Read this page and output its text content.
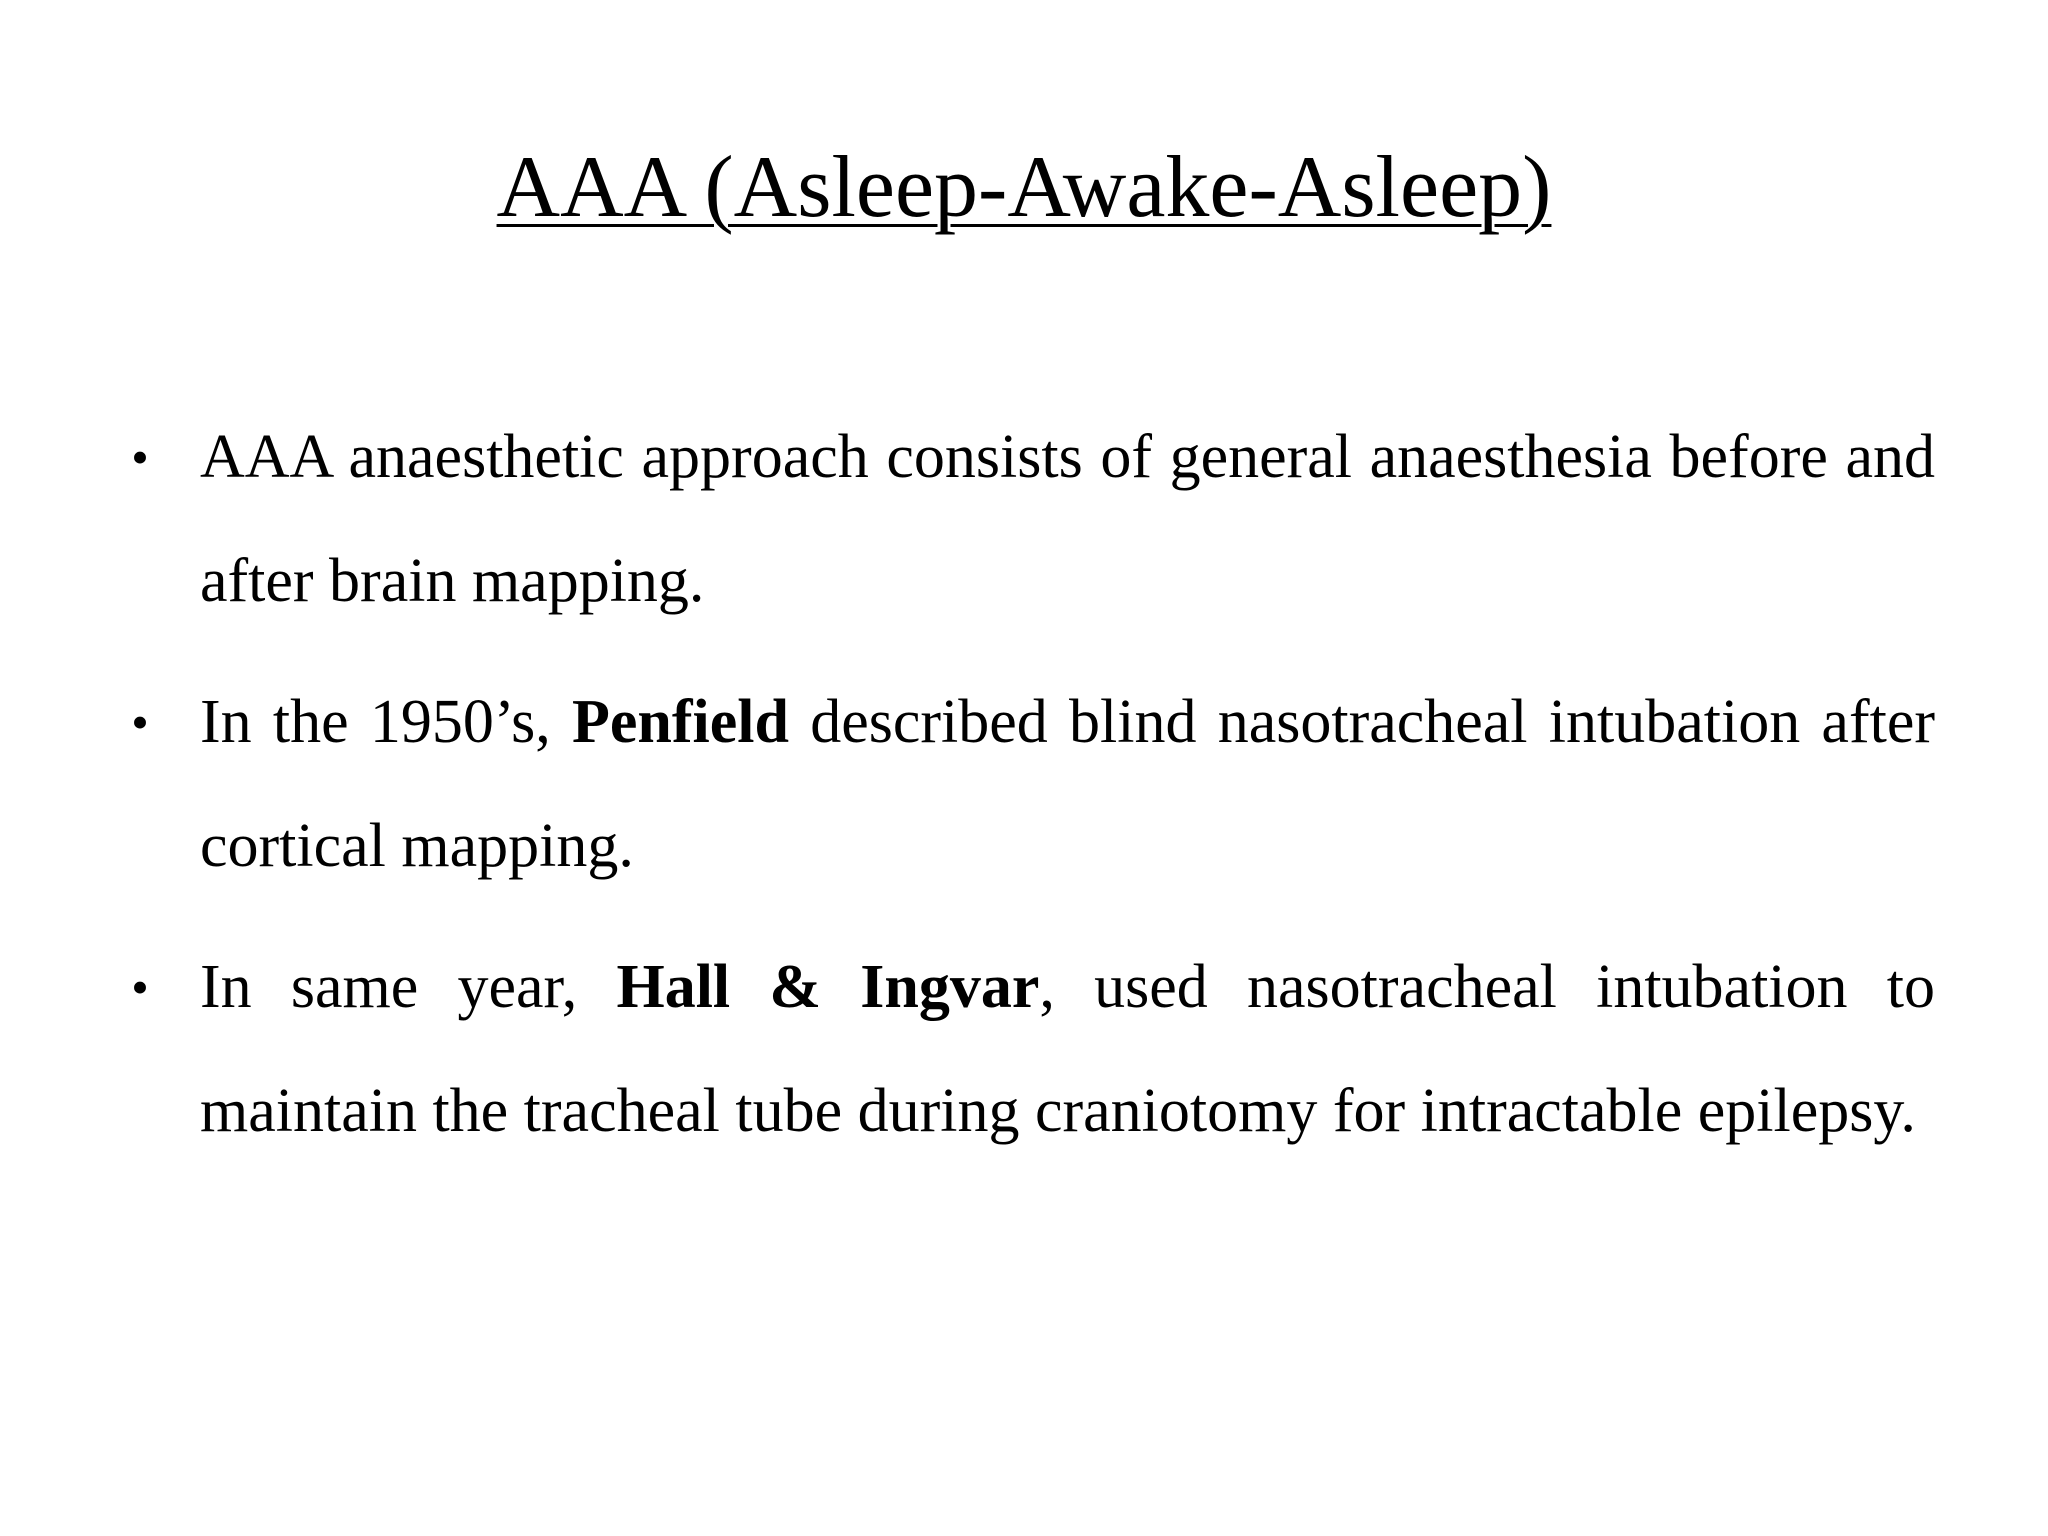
AAA (Asleep-Awake-Asleep)
• AAA anaesthetic approach consists of general anaesthesia before and after brain mapping.
• In the 1950’s, Penfield described blind nasotracheal intubation after cortical mapping.
• In same year, Hall & Ingvar, used nasotracheal intubation to maintain the tracheal tube during craniotomy for intractable epilepsy.
